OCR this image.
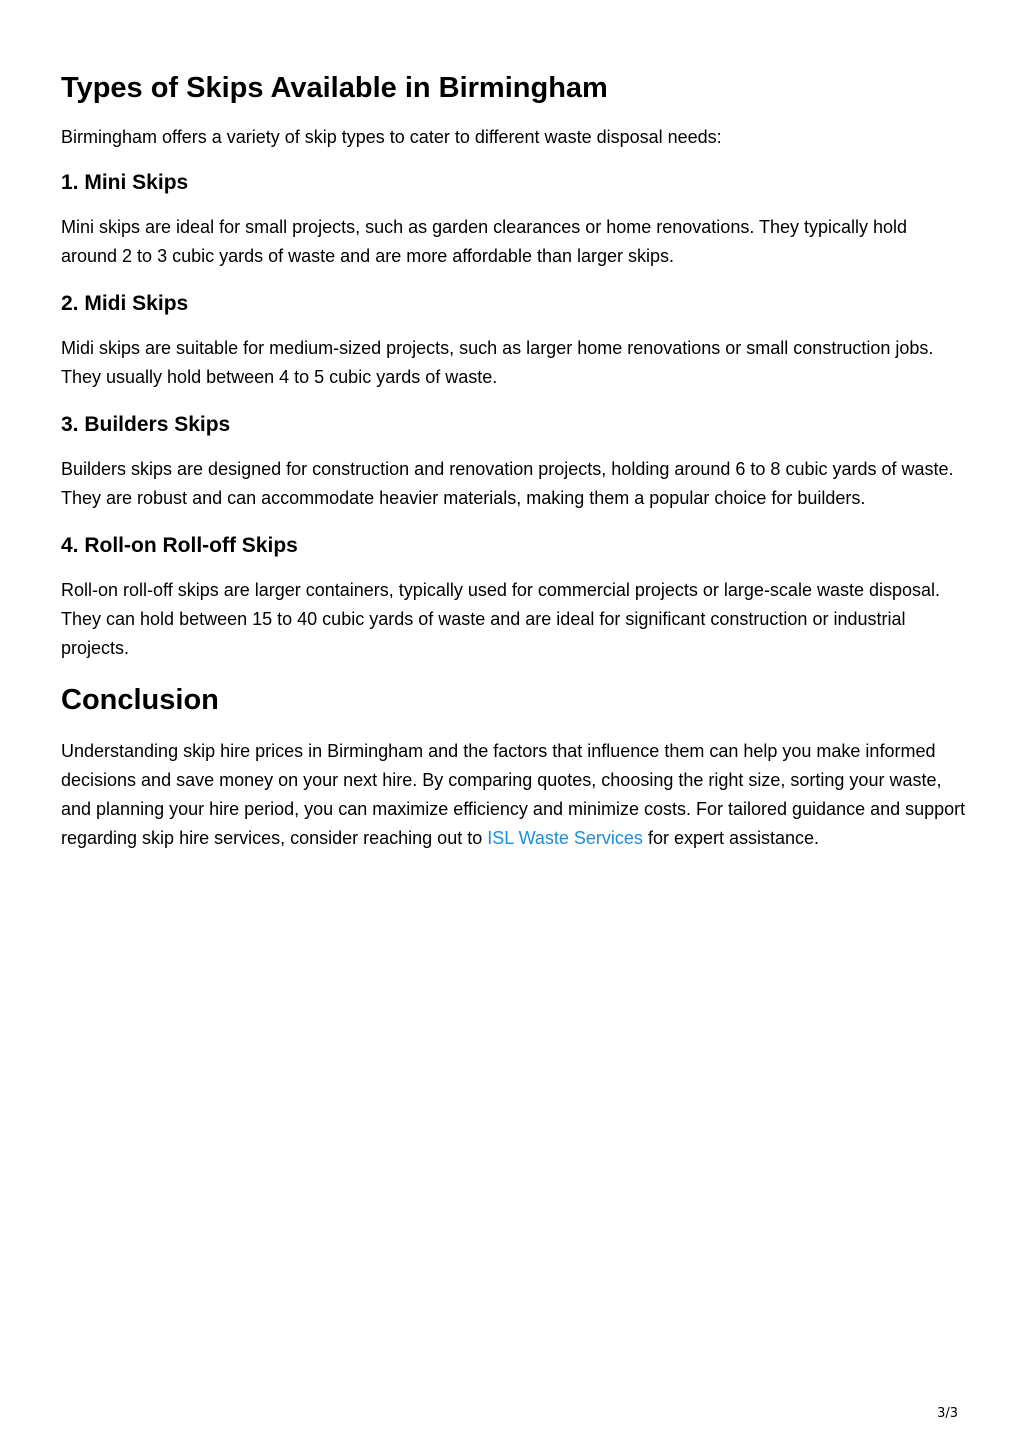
Types of Skips Available in Birmingham

Birmingham offers a variety of skip types to cater to different waste disposal needs:

1. Mini Skips

Mini skips are ideal for small projects, such as garden clearances or home renovations. They typically hold around 2 to 3 cubic yards of waste and are more affordable than larger skips.

2. Midi Skips

Midi skips are suitable for medium-sized projects, such as larger home renovations or small construction jobs. They usually hold between 4 to 5 cubic yards of waste.

3. Builders Skips

Builders skips are designed for construction and renovation projects, holding around 6 to 8 cubic yards of waste. They are robust and can accommodate heavier materials, making them a popular choice for builders.

4. Roll-on Roll-off Skips

Roll-on roll-off skips are larger containers, typically used for commercial projects or large-scale waste disposal. They can hold between 15 to 40 cubic yards of waste and are ideal for significant construction or industrial projects.

Conclusion

Understanding skip hire prices in Birmingham and the factors that influence them can help you make informed decisions and save money on your next hire. By comparing quotes, choosing the right size, sorting your waste, and planning your hire period, you can maximize efficiency and minimize costs. For tailored guidance and support regarding skip hire services, consider reaching out to ISL Waste Services for expert assistance.

3/3
